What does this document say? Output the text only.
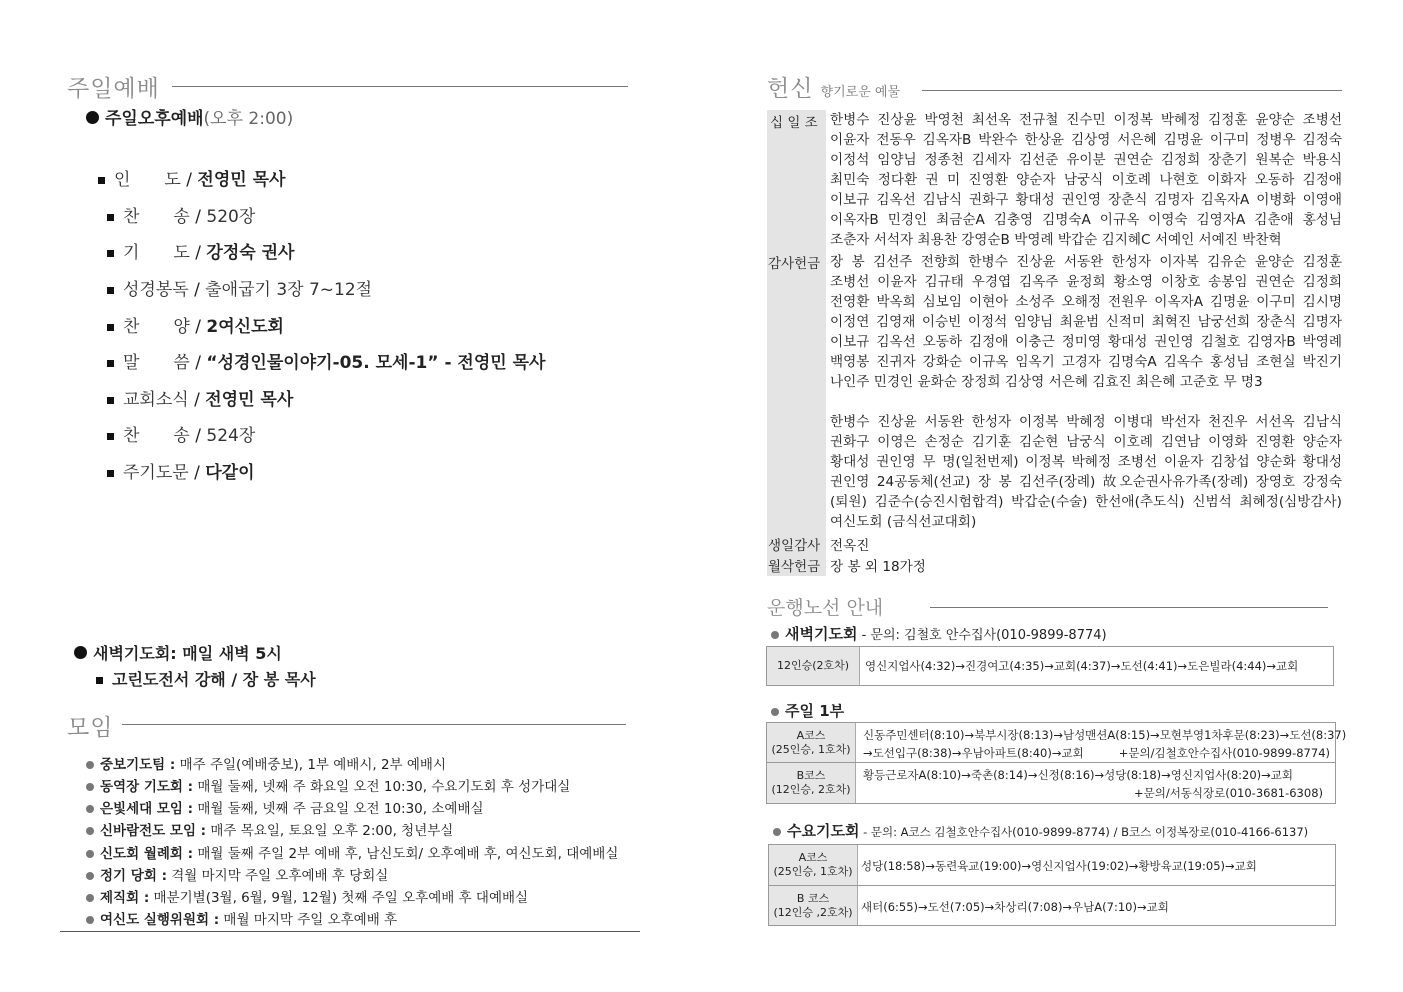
주일예배
주일오후예배(오후 2:00)
인　　도 / 전영민 목사
찬　　송 / 520장
기　　도 / 강정숙 권사
성경봉독 / 출애굽기 3장 7~12절
찬　　양 / 2여신도회
말　　씀 / “성경인물이야기-05. 모세-1” - 전영민 목사
교회소식 / 전영민 목사
찬　　송 / 524장
주기도문 / 다같이
새벽기도회: 매일 새벽 5시
고린도전서 강해 / 장 봉 목사
모임
중보기도팀 : 매주 주일(예배중보), 1부 예배시, 2부 예배시
동역장 기도회 : 매월 둘째, 넷째 주 화요일 오전 10:30, 수요기도회 후 성가대실
은빛세대 모임 : 매월 둘째, 넷째 주 금요일 오전 10:30, 소예배실
신바람전도 모임 : 매주 목요일, 토요일 오후 2:00, 청년부실
신도회 월례회 : 매월 둘째 주일 2부 예배 후, 남신도회/ 오후예배 후, 여신도회, 대예배실
정기 당회 : 격월 마지막 주일 오후예배 후 당회실
제직회 : 매분기별(3월, 6월, 9월, 12월) 첫째 주일 오후예배 후 대예배실
여신도 실행위원회 : 매월 마지막 주일 오후예배 후
헌신 향기로운 예물
십 일 조 한병수 진상윤 박영천 최선옥 전규철 진수민 이정복 박혜정 김정훈 윤양순 조병선
이윤자 전동우 김옥자B 박완수 한상윤 김상영 서은혜 김명윤 이구미 정병우 김정숙
이정석 임양님 정종천 김세자 김선준 유이분 권연순 김정희 장춘기 원복순 박용식
최민숙 정다환 권 미 진영환 양순자 남궁식 이호례 나현호 이화자 오동하 김정애
이보규 김옥선 김남식 권화구 황대성 권인영 장춘식 김명자 김옥자A 이병화 이영애
이옥자B 민경인 최금순A 김충영 김명숙A 이규옥 이영숙 김영자A 김춘애 홍성님
조춘자 서석자 최용찬 강영순B 박영례 박갑순 김지혜C 서예인 서예진 박찬혁
감사헌금 장 봉 김선주 전향희 한병수 진상윤 서동완 한성자 이자복 김유순 윤양순 김정훈
조병선 이윤자 김규태 우경엽 김옥주 윤정희 황소영 이창호 송봉임 권연순 김정희
전영환 박옥희 심보임 이현아 소성주 오해정 전원우 이옥자A 김명윤 이구미 김시명
이정연 김영재 이승빈 이정석 임양님 최윤범 신적미 최혁진 남궁선희 장춘식 김명자
이보규 김옥선 오동하 김정애 이충근 정미영 황대성 권인영 김철호 김영자B 박영례
백영봉 진귀자 강화순 이규옥 임옥기 고경자 김명숙A 김옥수 홍성님 조현실 박진기
나인주 민경인 윤화순 장정희 김상영 서은혜 김효진 최은혜 고준호 무 명3
한병수 진상윤 서동완 한성자 이정복 박혜정 이병대 박선자 천진우 서선옥 김남식
권화구 이영은 손정순 김기훈 김순현 남궁식 이호례 김연남 이영화 진영환 양순자
황대성 권인영 무 명(일천번제) 이정복 박혜정 조병선 이윤자 김창섭 양순화 황대성
권인영 24공동체(선교) 장 봉 김선주(장례) 故오순권사유가족(장례) 장영호 강정숙
(퇴원) 김준수(승진시험합격) 박갑순(수술) 한선애(추도식) 신범석 최혜정(심방감사)
여신도회 (금식선교대회)
생일감사 전옥진
월삭헌금 장 봉 외 18가정
운행노선 안내
새벽기도회 - 문의: 김철호 안수집사(010-9899-8774)
12인승(2호차) 영신지업사(4:32)→진경여고(4:35)→교회(4:37)→도선(4:41)→도은빌라(4:44)→교회
주일 1부
A코스
(25인승, 1호차)
B코스
(12인승, 2호차)
신동주민센터(8:10)→북부시장(8:13)→남성맨션A(8:15)→모현부영1차후문(8:23)→도선(8:37)
→도선입구(8:38)→우남아파트(8:40)→교회	+문의/김철호안수집사(010-9899-8774)
황등근로자A(8:10)→죽촌(8:14)→신정(8:16)→성당(8:18)→영신지업사(8:20)→교회
+문의/서동식장로(010-3681-6308)
수요기도회 - 문의: A코스 김철호안수집사(010-9899-8774) / B코스 이정복장로(010-4166-6137)
A코스
(25인승, 1호차)
B 코스
(12인승 ,2호차)
성당(18:58)→동련육교(19:00)→영신지업사(19:02)→황방육교(19:05)→교회
새터(6:55)→도선(7:05)→차상리(7:08)→우남A(7:10)→교회
